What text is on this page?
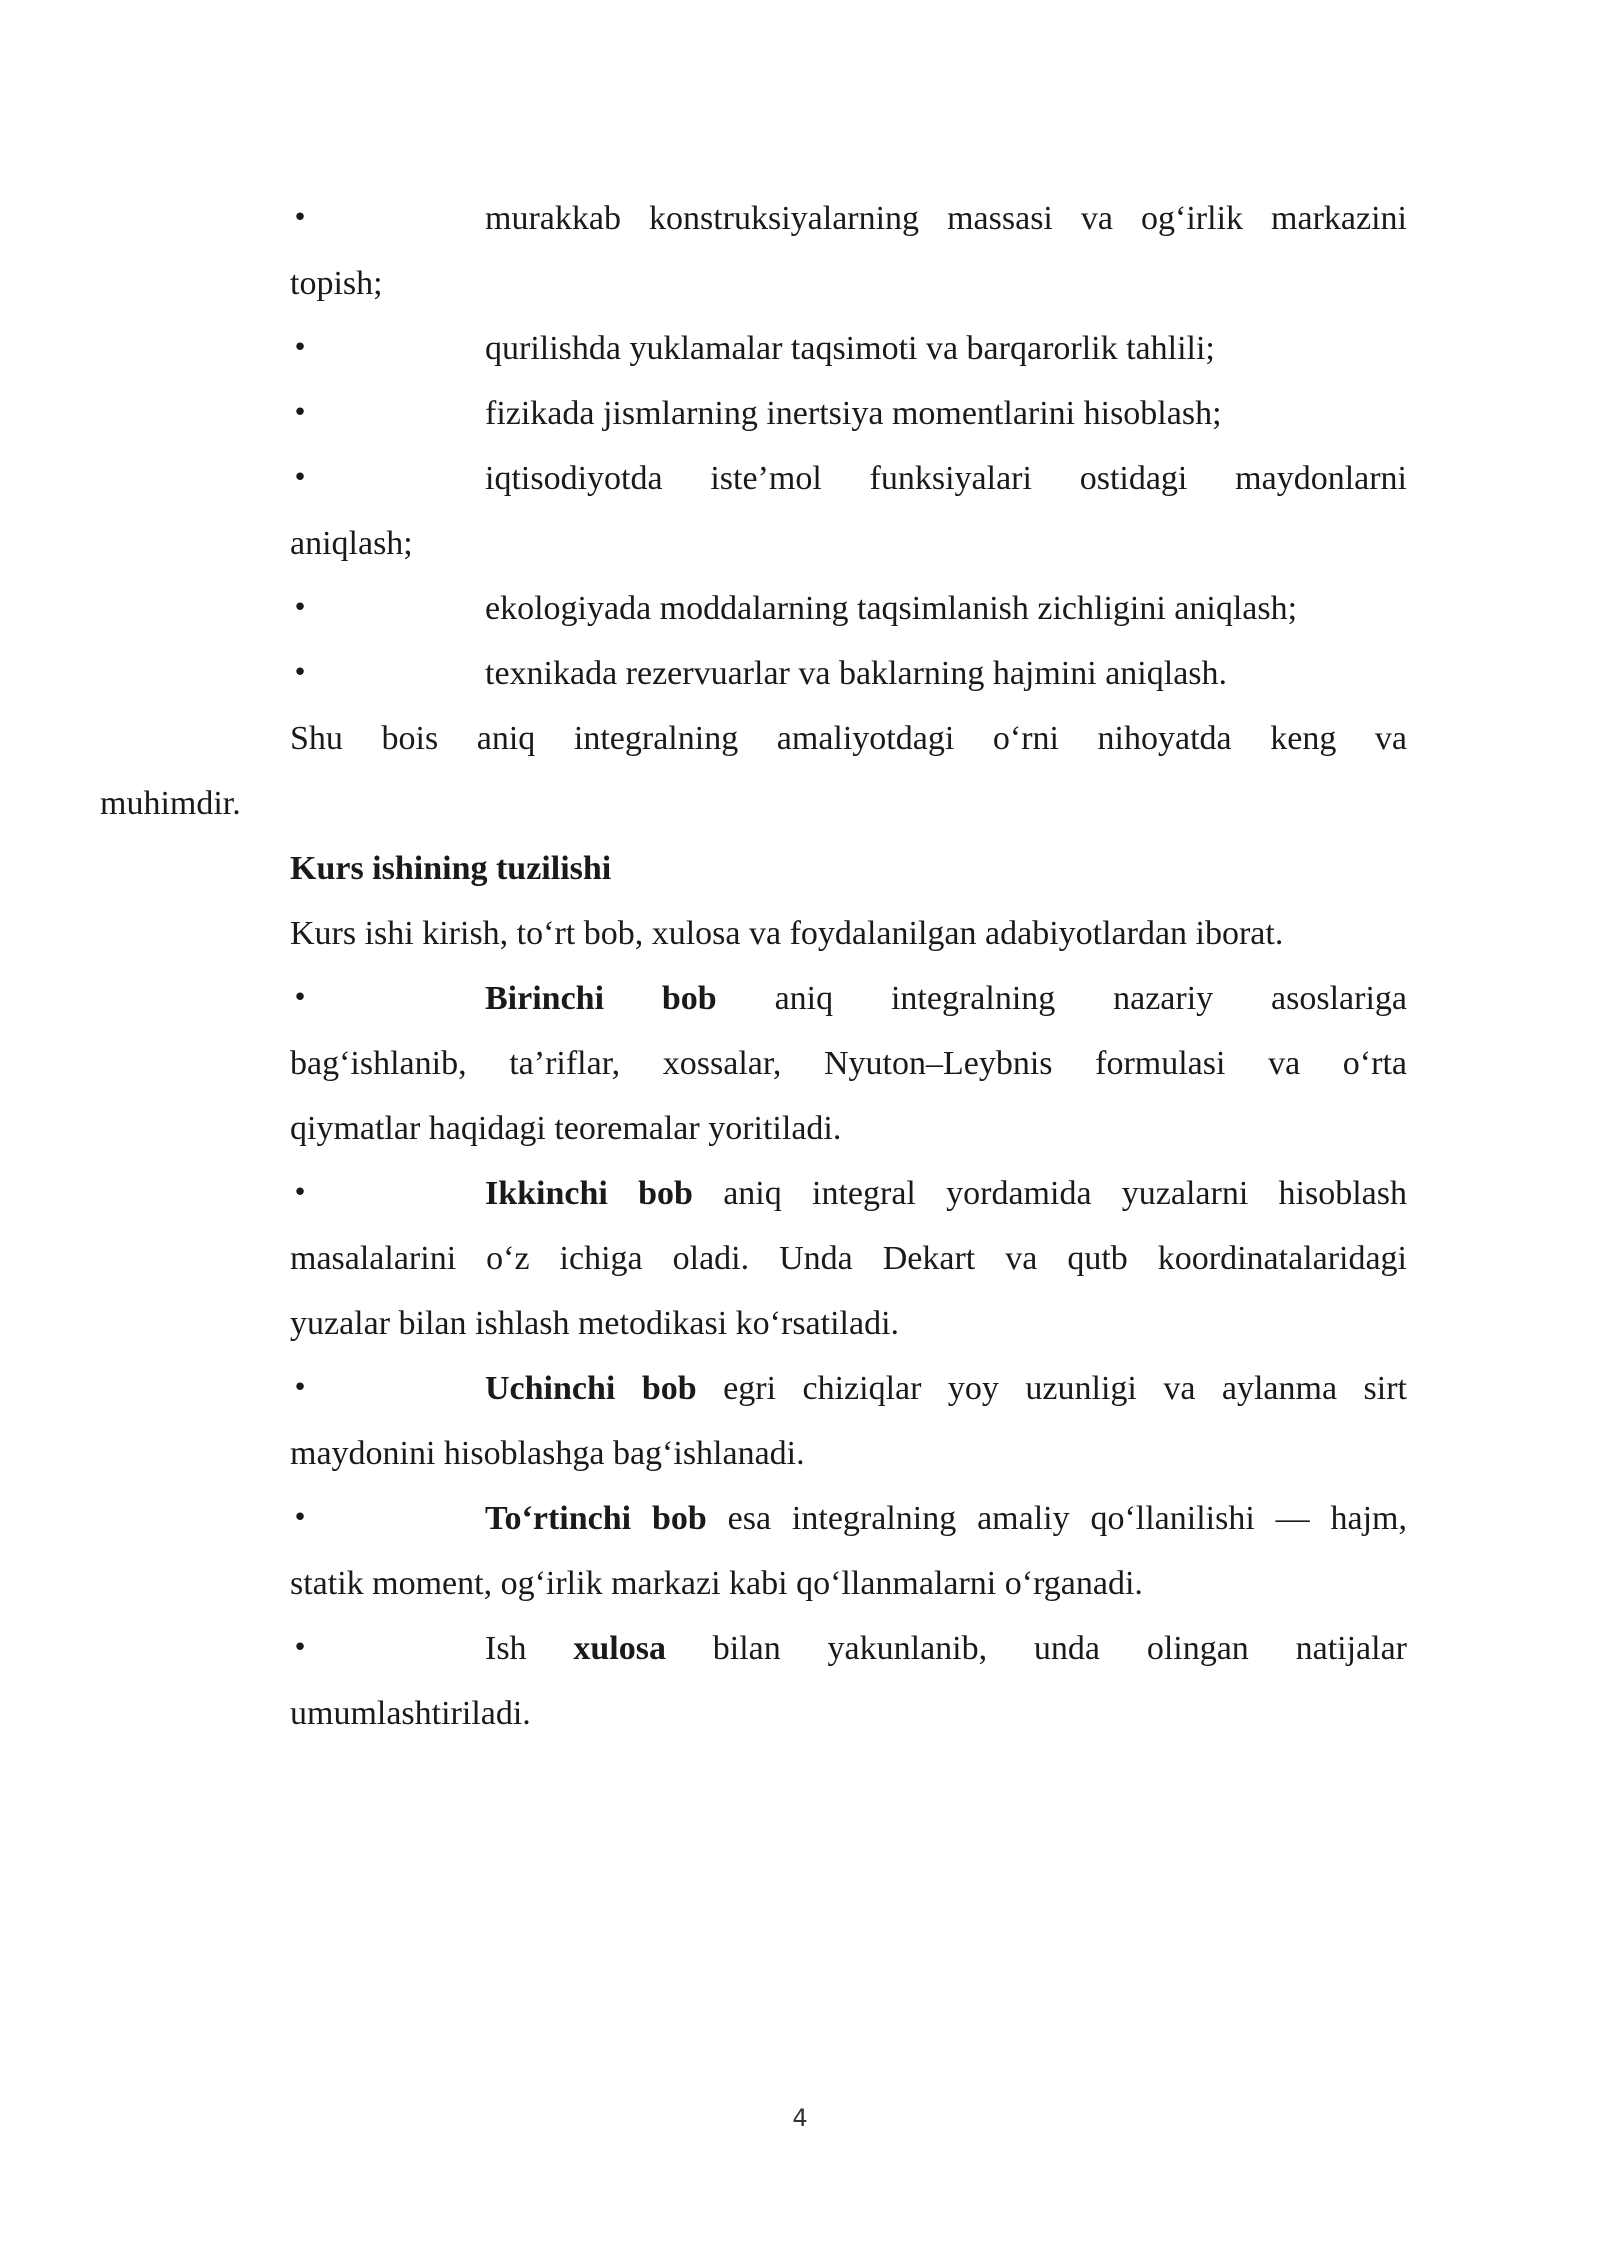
•	murakkab konstruksiyalarning massasi va og‘irlik markazini
topish;
•	qurilishda yuklamalar taqsimoti va barqarorlik tahlili;
•	fizikada jismlarning inertsiya momentlarini hisoblash;
•	iqtisodiyotda iste’mol funksiyalari ostidagi maydonlarni
aniqlash;
•	ekologiyada moddalarning taqsimlanish zichligini aniqlash;
•	texnikada rezervuarlar va baklarning hajmini aniqlash.
Shu bois aniq integralning amaliyotdagi o‘rni nihoyatda keng va
muhimdir.
Kurs ishining tuzilishi
Kurs ishi kirish, to‘rt bob, xulosa va foydalanilgan adabiyotlardan iborat.
•	Birinchi bob aniq integralning nazariy asoslariga
bag‘ishlanib, ta’riflar, xossalar, Nyuton–Leybnis formulasi va o‘rta
qiymatlar haqidagi teoremalar yoritiladi.
•	Ikkinchi bob aniq integral yordamida yuzalarni hisoblash
masalalarini o‘z ichiga oladi. Unda Dekart va qutb koordinatalaridagi
yuzalar bilan ishlash metodikasi ko‘rsatiladi.
•	Uchinchi bob egri chiziqlar yoy uzunligi va aylanma sirt
maydonini hisoblashga bag‘ishlanadi.
•	To‘rtinchi bob esa integralning amaliy qo‘llanilishi — hajm,
statik moment, og‘irlik markazi kabi qo‘llanmalarni o‘rganadi.
•	Ish xulosa bilan yakunlanib, unda olingan natijalar
umumlashtiriladi.
4
